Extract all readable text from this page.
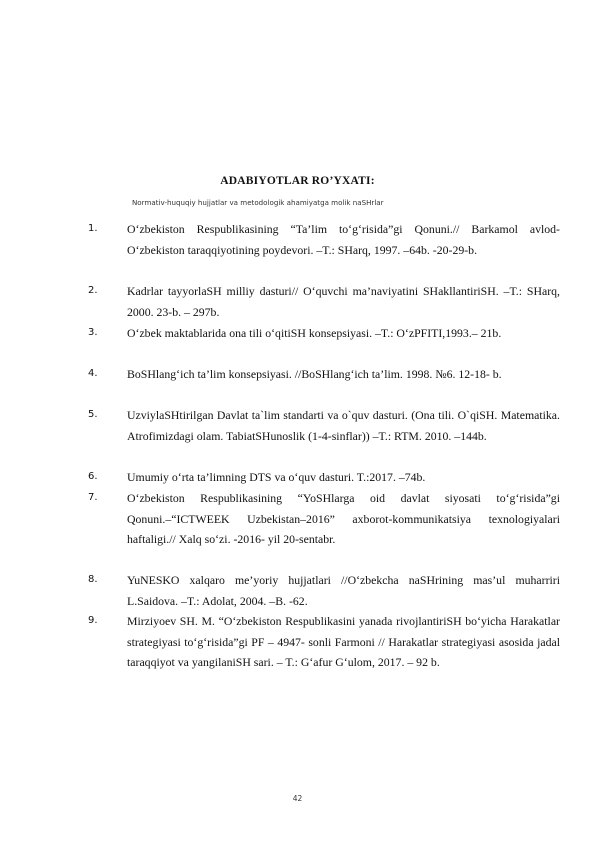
ADABIYOTLAR RO’YXATI:
Normativ-huquqiy hujjatlar va metodologik ahamiyatga molik naSHrlar
1.	O‘zbekiston Respublikasining “Ta’lim to‘g‘risida”gi Qonuni.// Barkamol avlod-O‘zbekiston taraqqiyotining poydevori. –T.: SHarq, 1997. –64b. -20-29-b.
2.	Kadrlar tayyorlaSH milliy dasturi// O‘quvchi ma’naviyatini SHakllantiriSH. –T.: SHarq, 2000. 23-b. – 297b.
3.	O‘zbek maktablarida ona tili o‘qitiSH konsepsiyasi. –T.: O‘zPFITI,1993.– 21b.
4.	BoSHlang‘ich ta’lim konsepsiyasi. //BoSHlang‘ich ta’lim. 1998. №6. 12-18- b.
5.	UzviylaSHtirilgan Davlat ta`lim standarti va o`quv dasturi. (Ona tili. O`qiSH. Matematika. Atrofimizdagi olam. TabiatSHunoslik (1-4-sinflar)) –T.: RTM. 2010. –144b.
6.	Umumiy o‘rta ta’limning DTS va o‘quv dasturi. T.:2017. –74b.
7.	O‘zbekiston Respublikasining “YoSHlarga oid davlat siyosati to‘g‘risida”gi Qonuni.–“ICTWEEK Uzbekistan–2016” axborot-kommunikatsiya texnologiyalari haftaligi.// Xalq so‘zi. -2016- yil 20-sentabr.
8.	YuNESKO xalqaro me’yoriy hujjatlari //O‘zbekcha naSHrining mas’ul muharriri L.Saidova. –T.: Adolat, 2004. –B. -62.
9.	Mirziyoev SH. M. “O‘zbekiston Respublikasini yanada rivojlantiriSH bo‘yicha Harakatlar strategiyasi to‘g‘risida”gi PF – 4947- sonli Farmoni // Harakatlar strategiyasi asosida jadal taraqqiyot va yangilaniSH sari. – T.: G‘afur G‘ulom, 2017. – 92 b.
42
